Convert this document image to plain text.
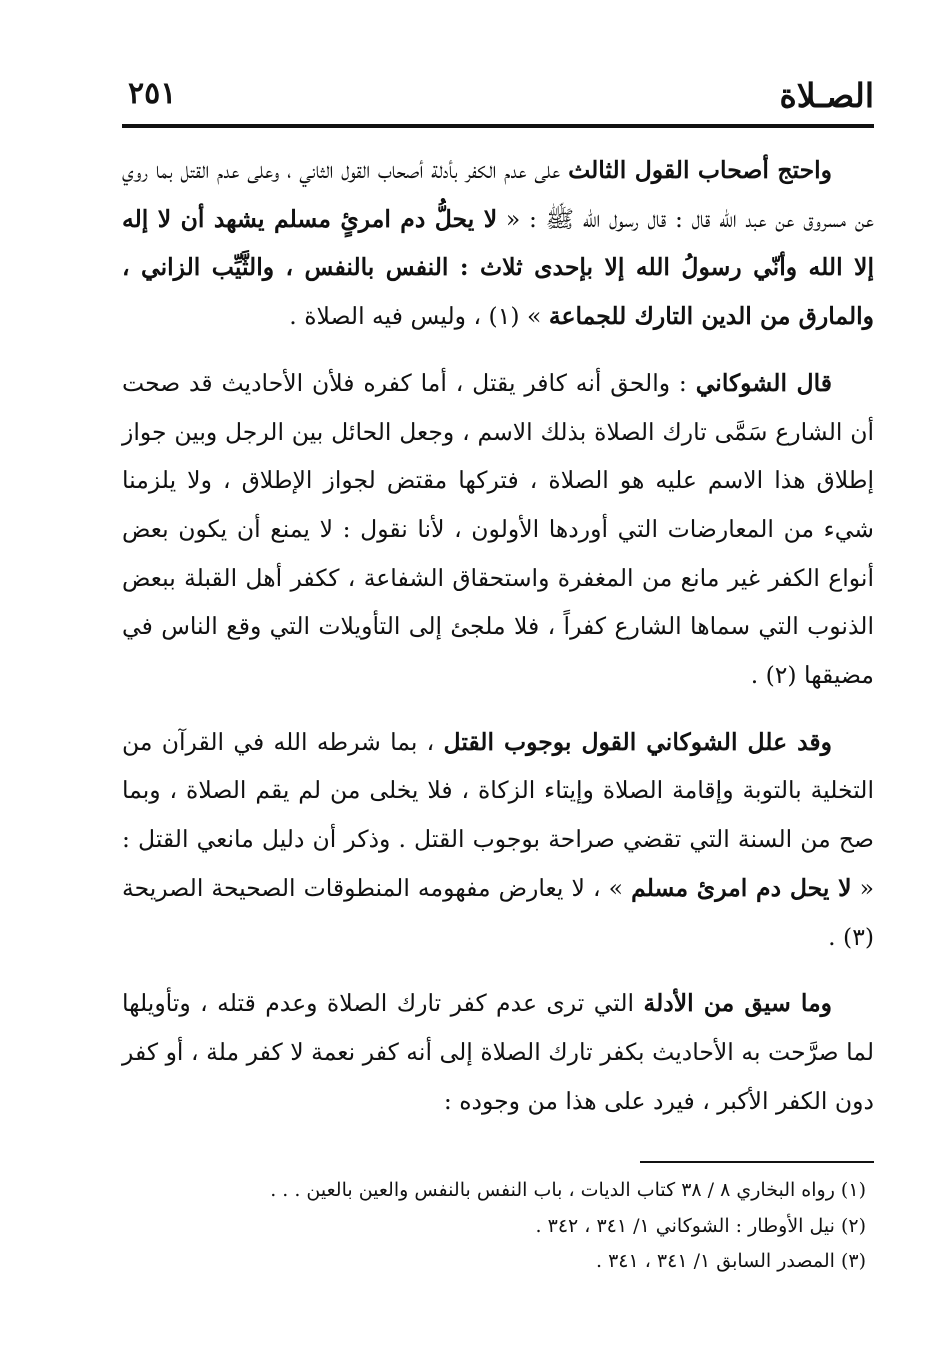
الصـلاة
٢٥١

واحتج أصحاب القول الثالث على عدم الكفر بأدلة أصحاب القول الثاني ، وعلى عدم القتل بما روي عن مسروق عن عبد الله قال : قال رسول الله ﷺ : « لا يحلُّ دم امرئٍ مسلم يشهد أن لا إله إلا الله وأنّي رسولُ الله إلا بإحدى ثلاث : النفس بالنفس ، والثَّيِّب الزاني ، والمارق من الدين التارك للجماعة » (١) ، وليس فيه الصلاة .

قال الشوكاني : والحق أنه كافر يقتل ، أما كفره فلأن الأحاديث قد صحت أن الشارع سَمَّى تارك الصلاة بذلك الاسم ، وجعل الحائل بين الرجل وبين جواز إطلاق هذا الاسم عليه هو الصلاة ، فتركها مقتض لجواز الإطلاق ، ولا يلزمنا شيء من المعارضات التي أوردها الأولون ، لأنا نقول : لا يمنع أن يكون بعض أنواع الكفر غير مانع من المغفرة واستحقاق الشفاعة ، ككفر أهل القبلة ببعض الذنوب التي سماها الشارع كفراً ، فلا ملجئ إلى التأويلات التي وقع الناس في مضيقها (٢) .

وقد علل الشوكاني القول بوجوب القتل ، بما شرطه الله في القرآن من التخلية بالتوبة وإقامة الصلاة وإيتاء الزكاة ، فلا يخلى من لم يقم الصلاة ، وبما صح من السنة التي تقضي صراحة بوجوب القتل . وذكر أن دليل مانعي القتل : « لا يحل دم امرئ مسلم » ، لا يعارض مفهومه المنطوقات الصحيحة الصريحة (٣) .

وما سيق من الأدلة التي ترى عدم كفر تارك الصلاة وعدم قتله ، وتأويلها لما صرَّحت به الأحاديث بكفر تارك الصلاة إلى أنه كفر نعمة لا كفر ملة ، أو كفر دون الكفر الأكبر ، فيرد على هذا من وجوده :

(١) رواه البخاري ٨ / ٣٨ كتاب الديات ، باب النفس بالنفس والعين بالعين . . .
(٢) نيل الأوطار : الشوكاني ١/ ٣٤١ ، ٣٤٢ .
(٣) المصدر السابق ١/ ٣٤١ ، ٣٤١ .
